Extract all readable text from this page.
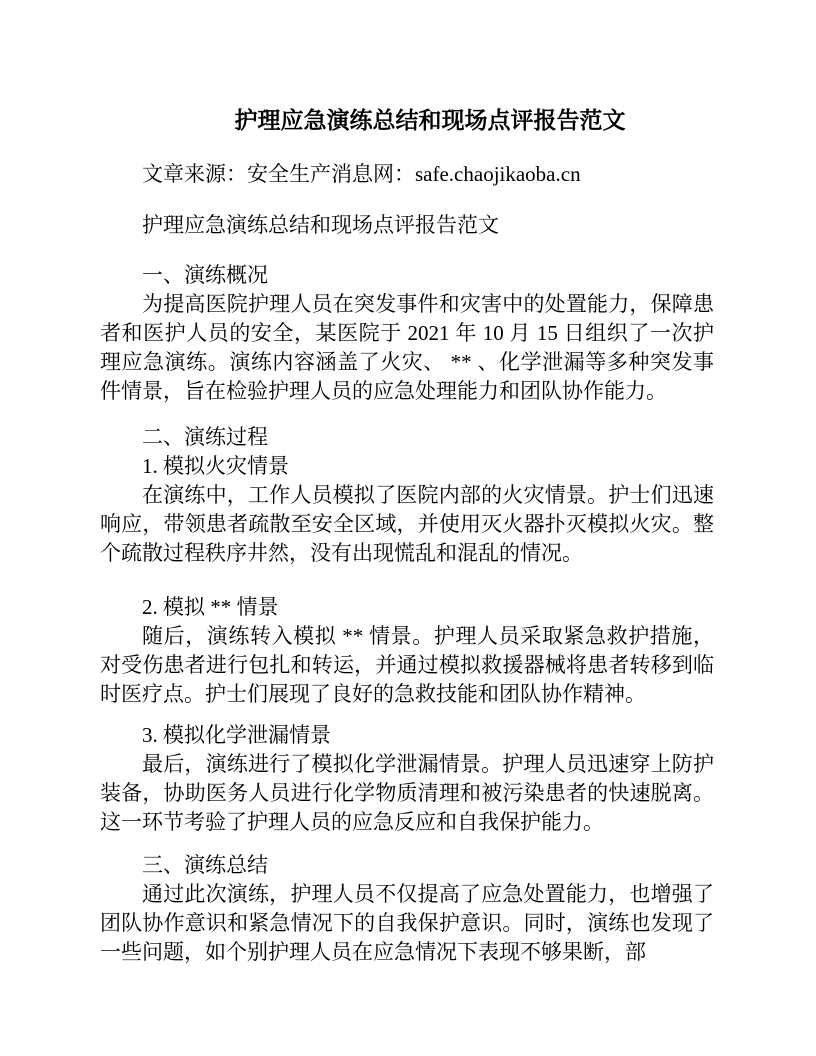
护理应急演练总结和现场点评报告范文

文章来源：安全生产消息网：safe.chaojikaoba.cn

护理应急演练总结和现场点评报告范文

一、演练概况

为提高医院护理人员在突发事件和灾害中的处置能力，保障患者和医护人员的安全，某医院于 2021 年 10 月 15 日组织了一次护理应急演练。演练内容涵盖了火灾、 ** 、化学泄漏等多种突发事件情景，旨在检验护理人员的应急处理能力和团队协作能力。

二、演练过程

1. 模拟火灾情景

在演练中，工作人员模拟了医院内部的火灾情景。护士们迅速响应，带领患者疏散至安全区域，并使用灭火器扑灭模拟火灾。整个疏散过程秩序井然，没有出现慌乱和混乱的情况。

2. 模拟 ** 情景

随后，演练转入模拟 ** 情景。护理人员采取紧急救护措施，对受伤患者进行包扎和转运，并通过模拟救援器械将患者转移到临时医疗点。护士们展现了良好的急救技能和团队协作精神。

3. 模拟化学泄漏情景

最后，演练进行了模拟化学泄漏情景。护理人员迅速穿上防护装备，协助医务人员进行化学物质清理和被污染患者的快速脱离。这一环节考验了护理人员的应急反应和自我保护能力。

三、演练总结

通过此次演练，护理人员不仅提高了应急处置能力，也增强了团队协作意识和紧急情况下的自我保护意识。同时，演练也发现了一些问题，如个别护理人员在应急情况下表现不够果断，部
